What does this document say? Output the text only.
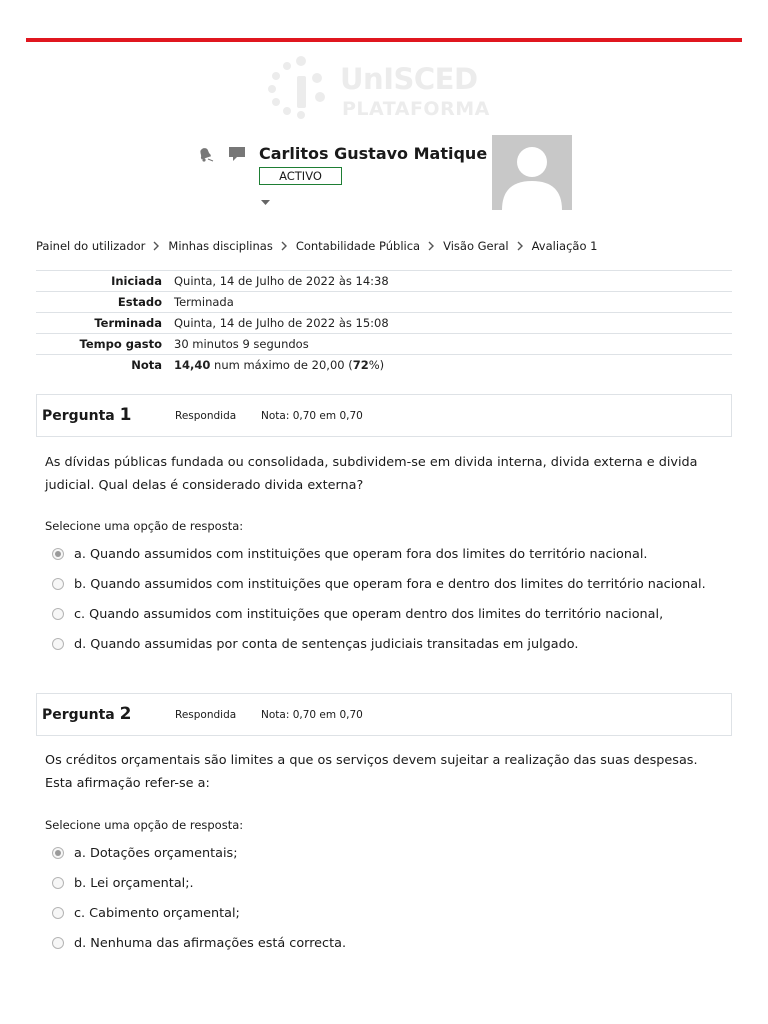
UnISCED
PLATAFORMA
Carlitos Gustavo Matique
ACTIVO
Painel do utilizador Minhas disciplinas Contabilidade Pública Visão Geral Avaliação 1
Iniciada	Quinta, 14 de Julho de 2022 às 14:38
Estado	Terminada
Terminada	Quinta, 14 de Julho de 2022 às 15:08
Tempo gasto	30 minutos 9 segundos
Nota	14,40 num máximo de 20,00 (72%)
Pergunta 1	Respondida Nota: 0,70 em 0,70
As dívidas públicas fundada ou consolidada, subdividem-se em divida interna, divida externa e divida judicial. Qual delas é considerado divida externa?
Selecione uma opção de resposta:
a. Quando assumidos com instituições que operam fora dos limites do território nacional.
b. Quando assumidos com instituições que operam fora e dentro dos limites do território nacional.
c. Quando assumidos com instituições que operam dentro dos limites do território nacional,
d. Quando assumidas por conta de sentenças judiciais transitadas em julgado.
Pergunta 2	Respondida Nota: 0,70 em 0,70
Os créditos orçamentais são limites a que os serviços devem sujeitar a realização das suas despesas. Esta afirmação refer-se a:
Selecione uma opção de resposta:
a. Dotações orçamentais;
b. Lei orçamental;.
c. Cabimento orçamental;
d. Nenhuma das afirmações está correcta.
